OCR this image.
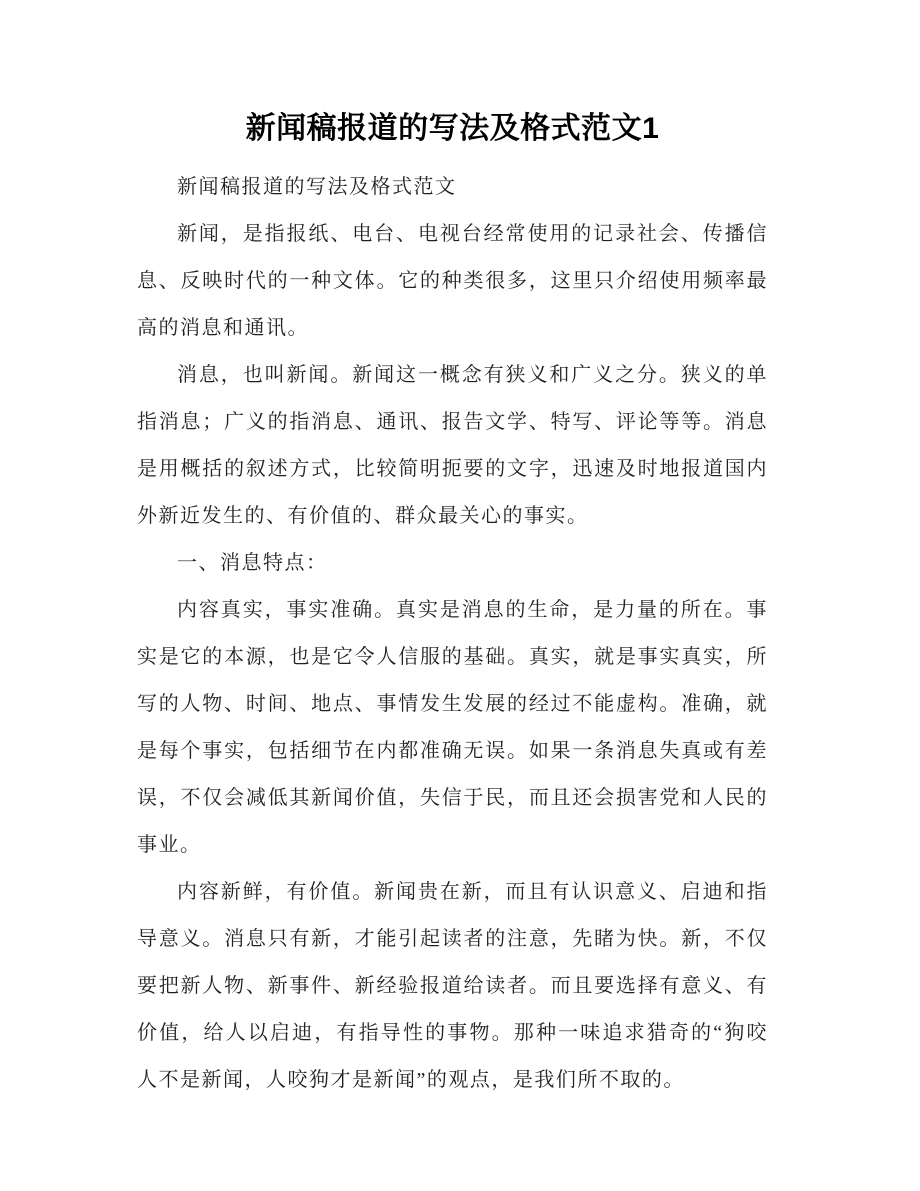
新闻稿报道的写法及格式范文1

新闻稿报道的写法及格式范文

新闻，是指报纸、电台、电视台经常使用的记录社会、传播信息、反映时代的一种文体。它的种类很多，这里只介绍使用频率最高的消息和通讯。

消息，也叫新闻。新闻这一概念有狭义和广义之分。狭义的单指消息；广义的指消息、通讯、报告文学、特写、评论等等。消息是用概括的叙述方式，比较简明扼要的文字，迅速及时地报道国内外新近发生的、有价值的、群众最关心的事实。

一、消息特点：

内容真实，事实准确。真实是消息的生命，是力量的所在。事实是它的本源，也是它令人信服的基础。真实，就是事实真实，所写的人物、时间、地点、事情发生发展的经过不能虚构。准确，就是每个事实，包括细节在内都准确无误。如果一条消息失真或有差误，不仅会减低其新闻价值，失信于民，而且还会损害党和人民的事业。

内容新鲜，有价值。新闻贵在新，而且有认识意义、启迪和指导意义。消息只有新，才能引起读者的注意，先睹为快。新，不仅要把新人物、新事件、新经验报道给读者。而且要选择有意义、有价值，给人以启迪，有指导性的事物。那种一味追求猎奇的“狗咬人不是新闻，人咬狗才是新闻”的观点，是我们所不取的。
